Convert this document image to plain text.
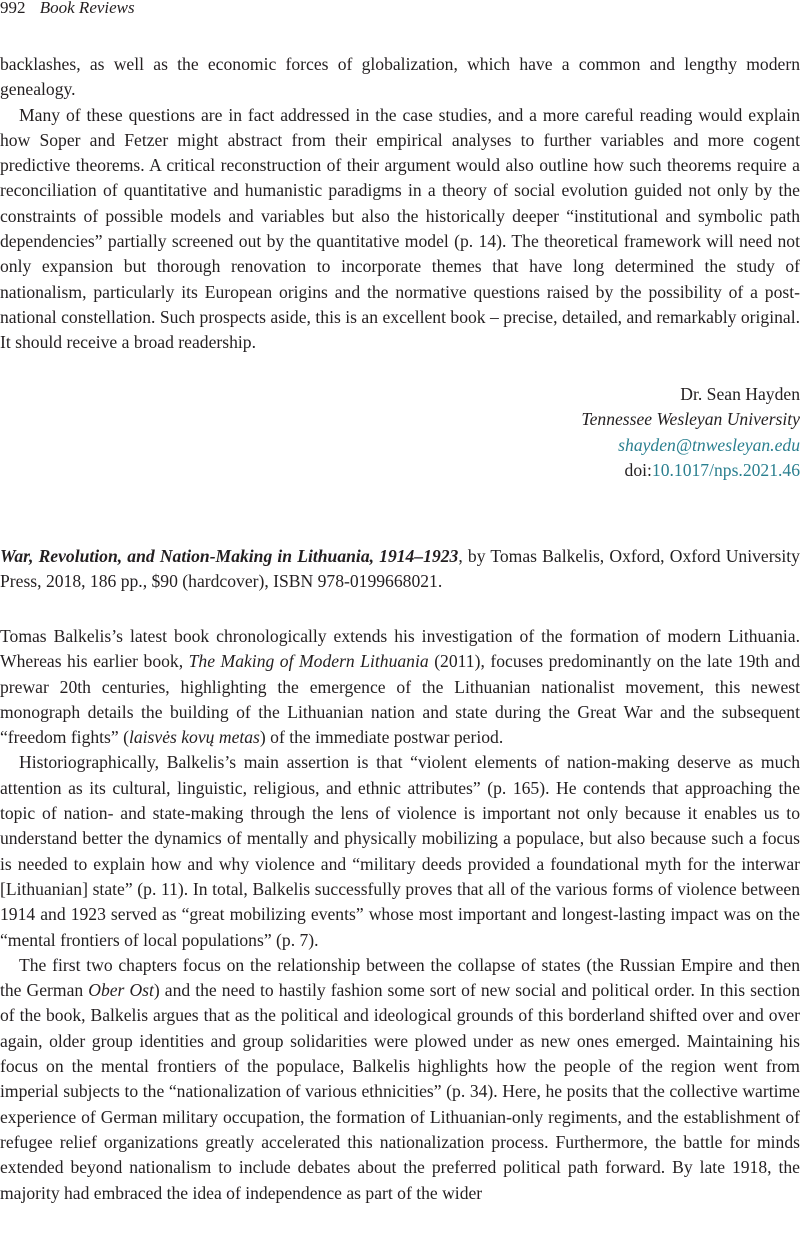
992 Book Reviews

backlashes, as well as the economic forces of globalization, which have a common and lengthy modern genealogy.

Many of these questions are in fact addressed in the case studies, and a more careful reading would explain how Soper and Fetzer might abstract from their empirical analyses to further variables and more cogent predictive theorems. A critical reconstruction of their argument would also outline how such theorems require a reconciliation of quantitative and humanistic paradigms in a theory of social evolution guided not only by the constraints of possible models and variables but also the historically deeper “institutional and symbolic path dependencies” partially screened out by the quantitative model (p. 14). The theoretical framework will need not only expansion but thorough renovation to incorporate themes that have long determined the study of nationalism, particularly its European origins and the normative questions raised by the possibility of a post-national constellation. Such prospects aside, this is an excellent book – precise, detailed, and remarkably original. It should receive a broad readership.

Dr. Sean Hayden
Tennessee Wesleyan University
shayden@tnwesleyan.edu
doi:10.1017/nps.2021.46
War, Revolution, and Nation-Making in Lithuania, 1914–1923, by Tomas Balkelis, Oxford, Oxford University Press, 2018, 186 pp., $90 (hardcover), ISBN 978-0199668021.

Tomas Balkelis’s latest book chronologically extends his investigation of the formation of modern Lithuania. Whereas his earlier book, The Making of Modern Lithuania (2011), focuses predominantly on the late 19th and prewar 20th centuries, highlighting the emergence of the Lithuanian nationalist movement, this newest monograph details the building of the Lithuanian nation and state during the Great War and the subsequent “freedom fights” (laisvės kovų metas) of the immediate postwar period.

Historiographically, Balkelis’s main assertion is that “violent elements of nation-making deserve as much attention as its cultural, linguistic, religious, and ethnic attributes” (p. 165). He contends that approaching the topic of nation- and state-making through the lens of violence is important not only because it enables us to understand better the dynamics of mentally and physically mobilizing a populace, but also because such a focus is needed to explain how and why violence and “military deeds provided a foundational myth for the interwar [Lithuanian] state” (p. 11). In total, Balkelis successfully proves that all of the various forms of violence between 1914 and 1923 served as “great mobilizing events” whose most important and longest-lasting impact was on the “mental frontiers of local populations” (p. 7).

The first two chapters focus on the relationship between the collapse of states (the Russian Empire and then the German Ober Ost) and the need to hastily fashion some sort of new social and political order. In this section of the book, Balkelis argues that as the political and ideological grounds of this borderland shifted over and over again, older group identities and group solidarities were plowed under as new ones emerged. Maintaining his focus on the mental frontiers of the populace, Balkelis highlights how the people of the region went from imperial subjects to the “nationalization of various ethnicities” (p. 34). Here, he posits that the collective wartime experience of German military occupation, the formation of Lithuanian-only regiments, and the establishment of refugee relief organizations greatly accelerated this nationalization process. Furthermore, the battle for minds extended beyond nationalism to include debates about the preferred political path forward. By late 1918, the majority had embraced the idea of independence as part of the wider
